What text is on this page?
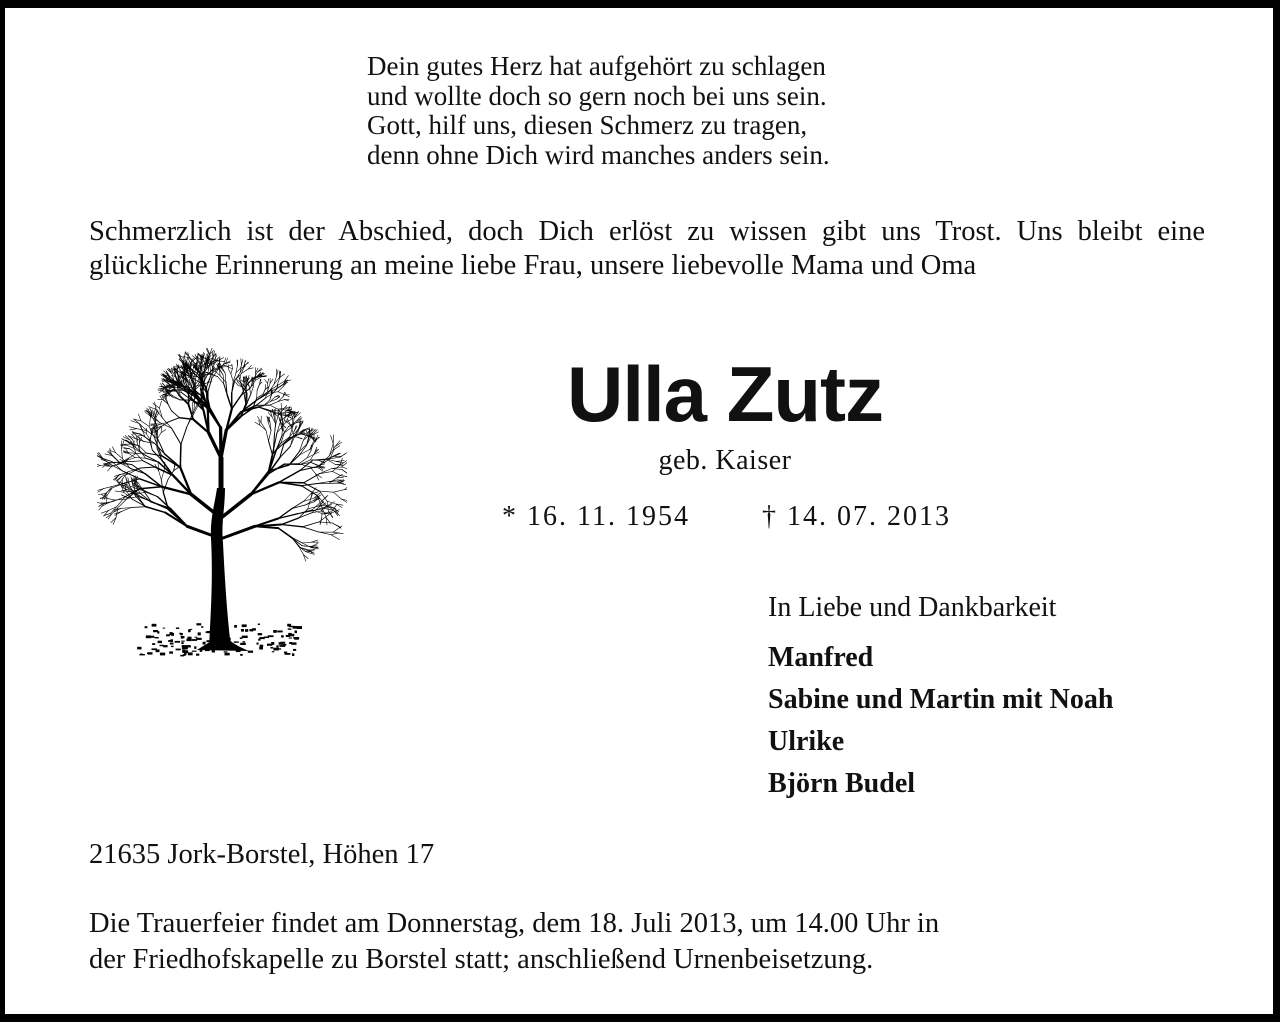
Dein gutes Herz hat aufgehört zu schlagen
und wollte doch so gern noch bei uns sein.
Gott, hilf uns, diesen Schmerz zu tragen,
denn ohne Dich wird manches anders sein.

Schmerzlich ist der Abschied, doch Dich erlöst zu wissen gibt uns Trost. Uns bleibt eine glückliche Erinnerung an meine liebe Frau, unsere liebevolle Mama und Oma

Ulla Zutz
geb. Kaiser
* 16. 11. 1954	† 14. 07. 2013
In Liebe und Dankbarkeit
Manfred
Sabine und Martin mit Noah
Ulrike
Björn Budel
21635 Jork-Borstel, Höhen 17

Die Trauerfeier findet am Donnerstag, dem 18. Juli 2013, um 14.00 Uhr in
der Friedhofskapelle zu Borstel statt; anschließend Urnenbeisetzung.
